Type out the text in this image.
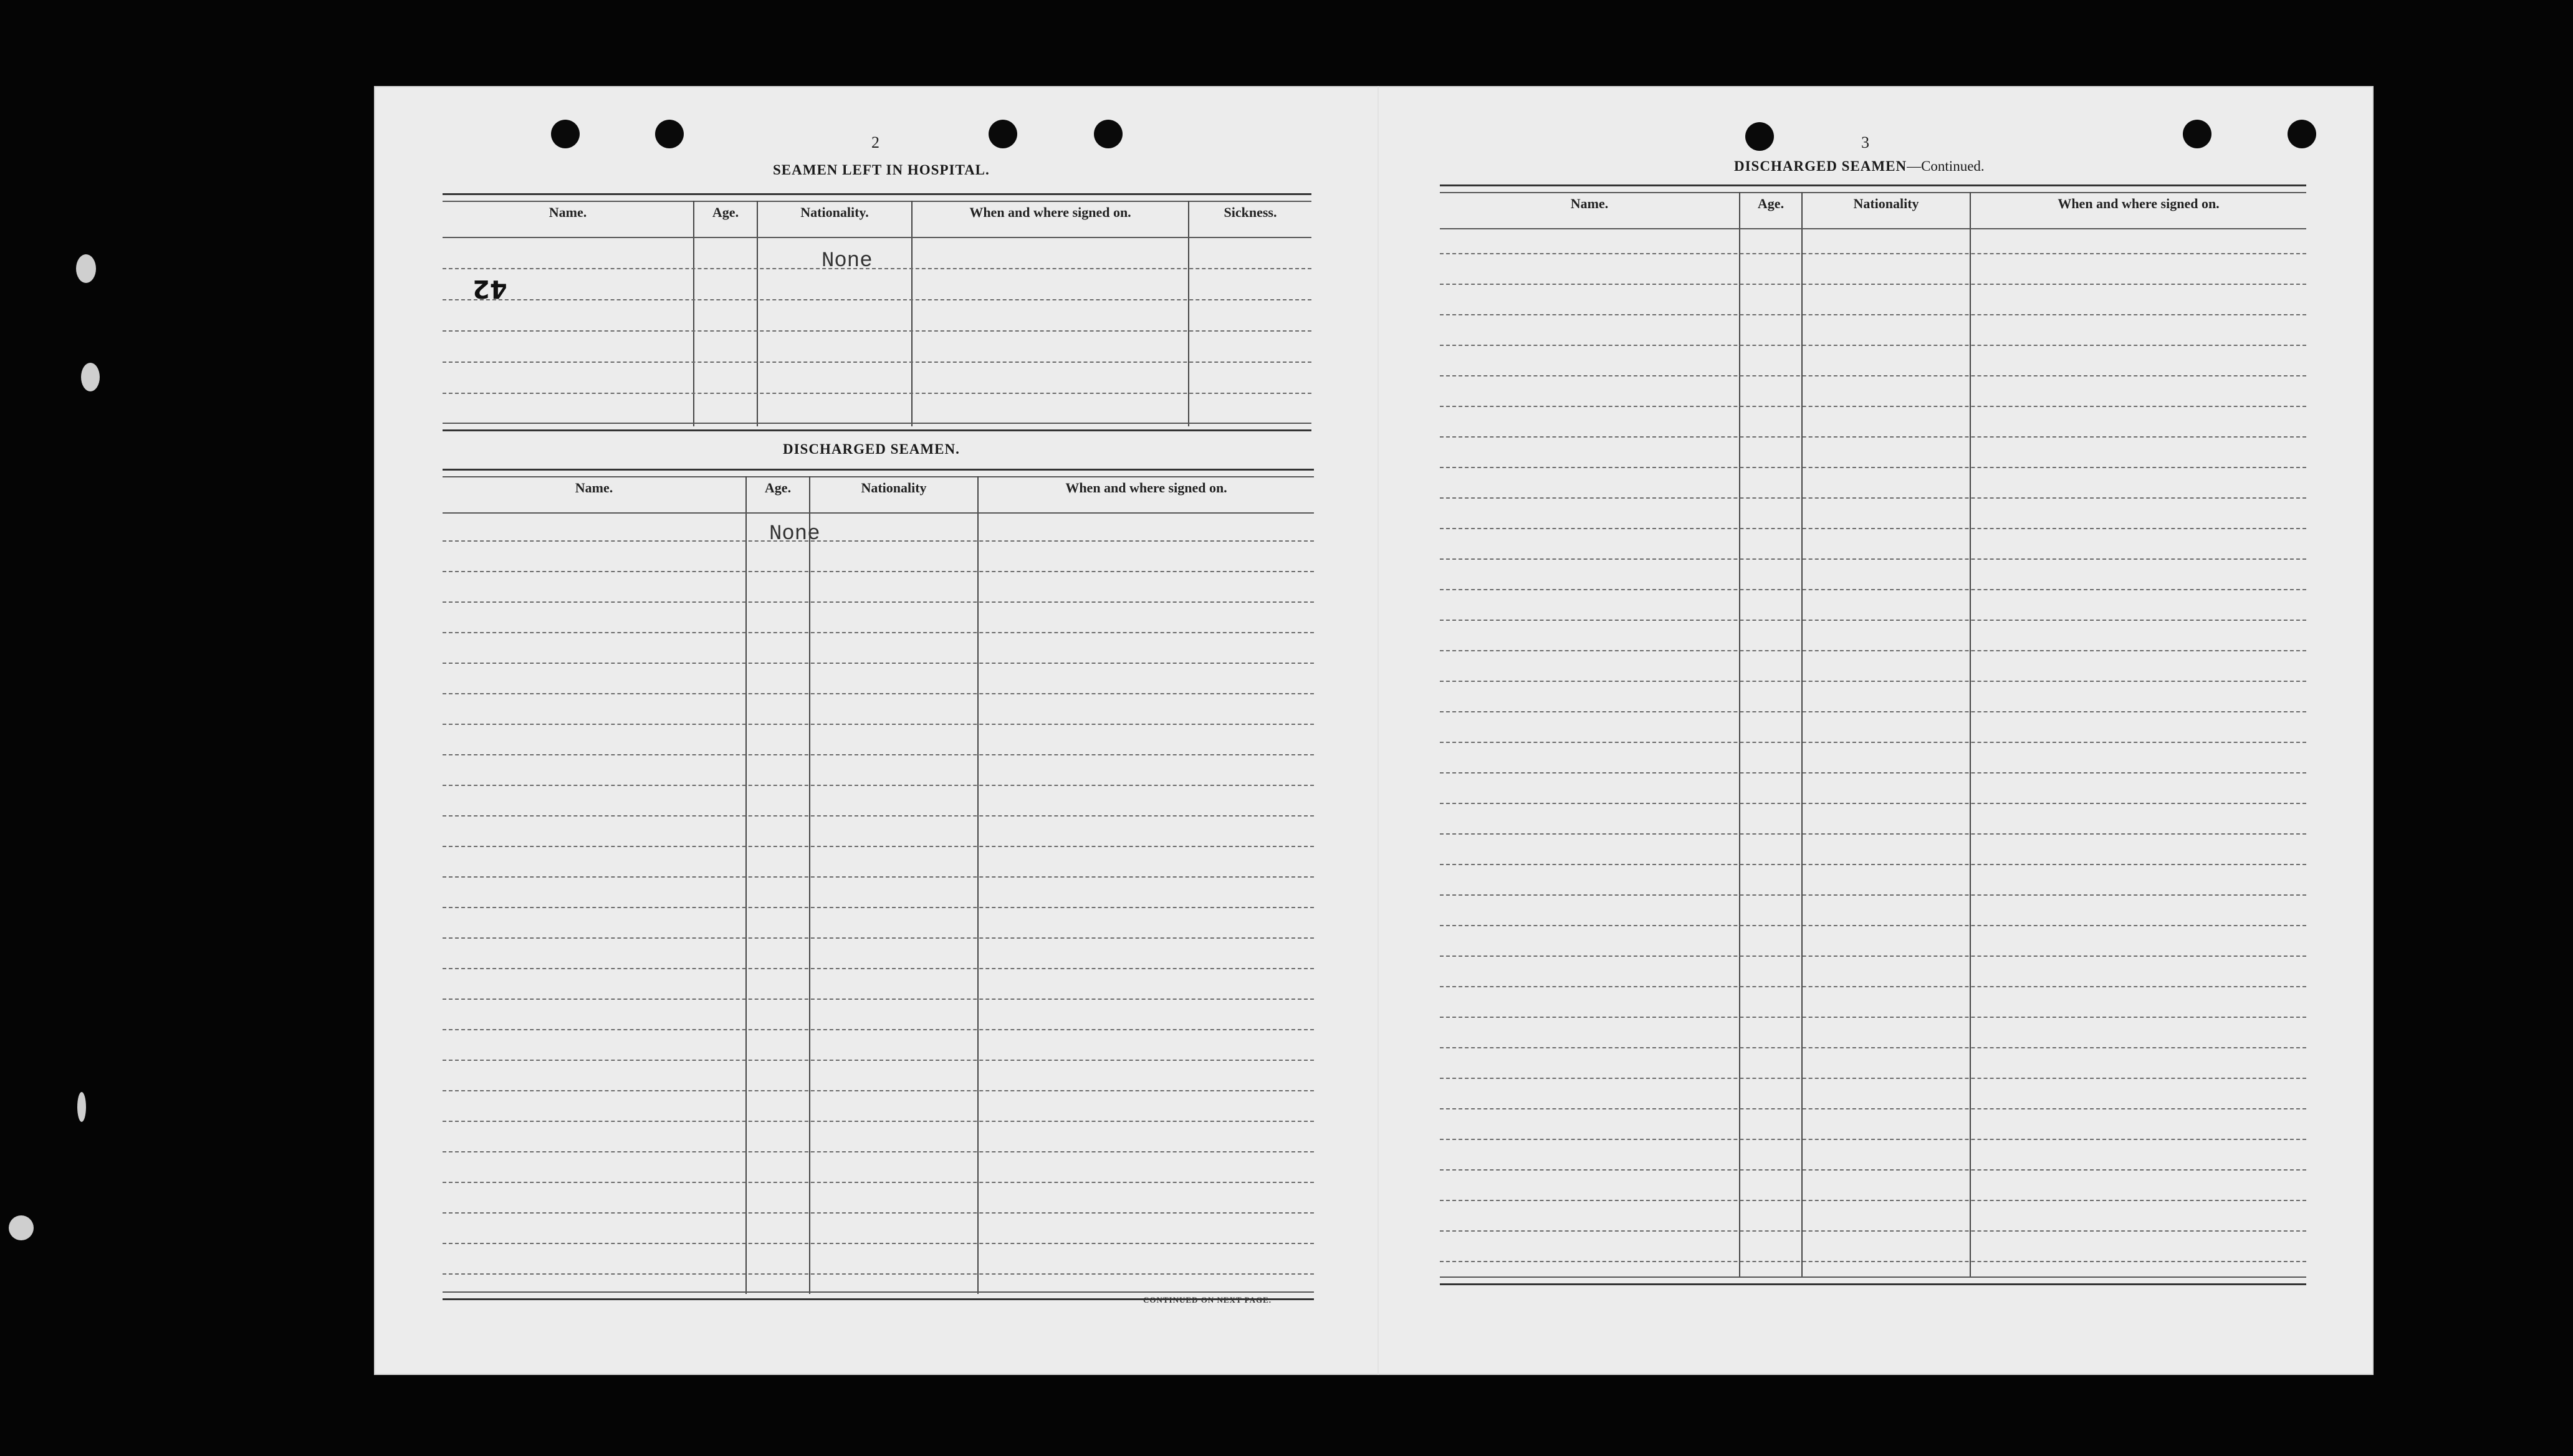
2
SEAMEN LEFT IN HOSPITAL.
Name.	Age.	Nationality.	When and where signed on.	Sickness.
None
42
DISCHARGED SEAMEN.
Name.	Age.	Nationality	When and where signed on.
None
CONTINUED ON NEXT PAGE.
3
DISCHARGED SEAMEN—Continued.
Name.	Age.	Nationality	When and where signed on.
